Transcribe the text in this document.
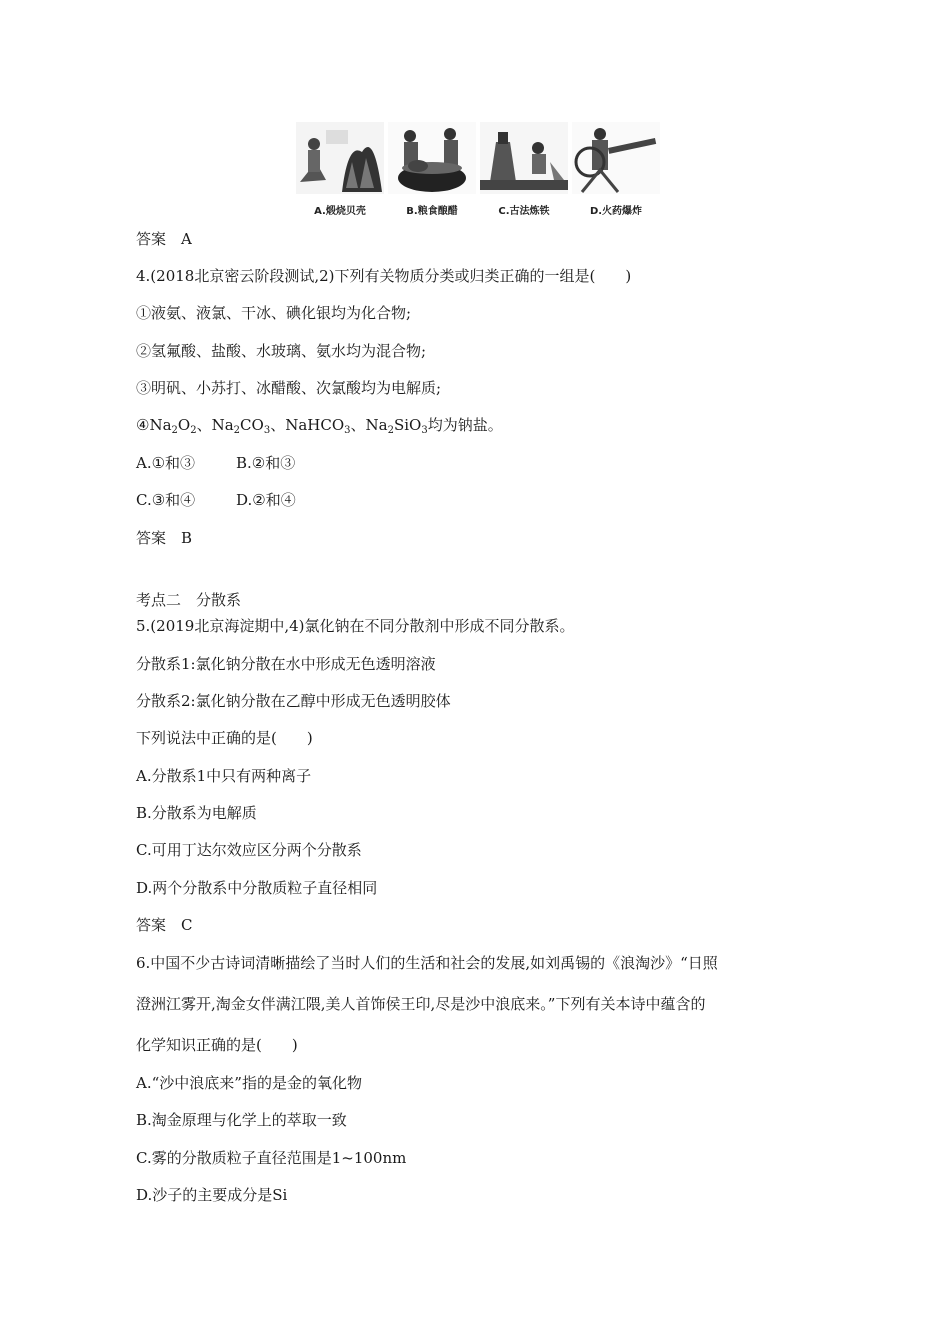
A.煅烧贝壳	B.粮食酿醋	C.古法炼铁	D.火药爆炸
答案　A
4.(2018北京密云阶段测试,2)下列有关物质分类或归类正确的一组是(　　)
①液氨、液氯、干冰、碘化银均为化合物;
②氢氟酸、盐酸、水玻璃、氨水均为混合物;
③明矾、小苏打、冰醋酸、次氯酸均为电解质;
$④Na_2O_2$、$Na_2CO_3$、NaHCO$_3$、$Na_2SiO_3$均为钠盐。
A.①和③	B.②和③
C.③和④	D.②和④
答案　B
考点二　分散系
5.(2019北京海淀期中,4)氯化钠在不同分散剂中形成不同分散系。
分散系1:氯化钠分散在水中形成无色透明溶液
分散系2:氯化钠分散在乙醇中形成无色透明胶体
下列说法中正确的是(　　)
A.分散系1中只有两种离子
B.分散系为电解质
C.可用丁达尔效应区分两个分散系
D.两个分散系中分散质粒子直径相同
答案　C
6.中国不少古诗词清晰描绘了当时人们的生活和社会的发展,如刘禹锡的《浪淘沙》“日照
澄洲江雾开,淘金女伴满江隈,美人首饰侯王印,尽是沙中浪底来。”下列有关本诗中蕴含的
化学知识正确的是(　　)
A.“沙中浪底来”指的是金的氧化物
B.淘金原理与化学上的萃取一致
C.雾的分散质粒子直径范围是1~100nm
D.沙子的主要成分是Si
